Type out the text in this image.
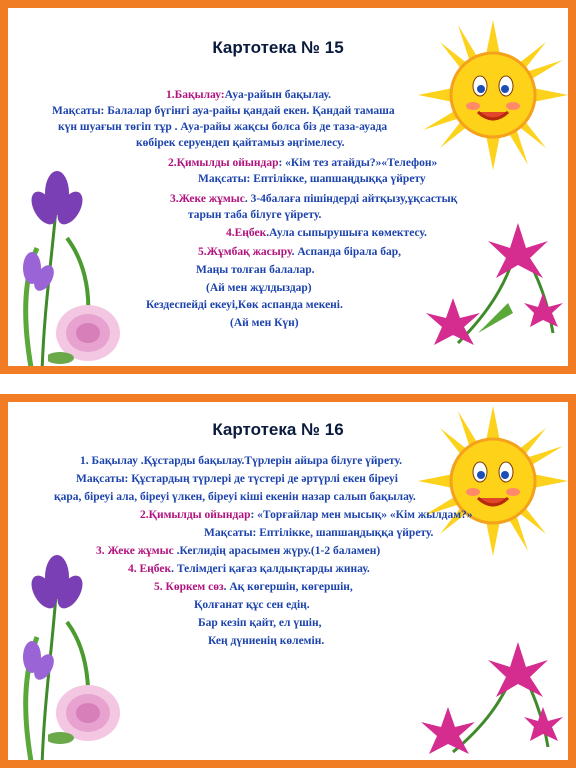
Картотека № 15
1.Бақылау:Ауа-райын бақылау.
Мақсаты: Балалар бүгінгі ауа-райы қандай екен. Қандай тамаша
күн шуағын төгіп тұр . Ауа-райы жақсы болса біз де таза-ауада
көбірек серуендеп қайтамыз әңгімелесу.
2.Қимылды ойындар: «Кім тез атайды?»«Телефон»
Мақсаты: Ептілікке, шапшаңдыққа үйрету
3.Жеке жұмыс. 3-4балаға пішіндерді айтқызу,ұқсастық
тарын таба білуге үйрету.
4.Еңбек.Аула сыпырушыға көмектесу.
5.Жұмбақ жасыру. Аспанда бірала бар,
Маңы толған балалар.
(Ай мен жұлдыздар)
Кездеспейді екеуі,Көк аспанда мекені.
(Ай мен Күн)
Картотека № 16
1. Бақылау .Құстарды бақылау.Түрлерін айыра білуге үйрету.
Мақсаты: Құстардың түрлері де түстері де әртүрлі екен біреуі
қара, біреуі ала, біреуі үлкен, біреуі кіші екенін назар салып бақылау.
2.Қимылды ойындар: «Торғайлар мен мысық» «Кім жылдам?»
Мақсаты: Ептілікке, шапшаңдыққа үйрету.
3. Жеке жұмыс .Кеглидің арасымен жүру.(1-2 баламен)
4. Еңбек. Телімдегі қағаз қалдықтарды жинау.
5. Көркем сөз. Ақ көгершін, көгершін,
Қолғанат құс сен едің.
Бар кезіп қайт, ел үшін,
Кең дүниенің көлемін.
